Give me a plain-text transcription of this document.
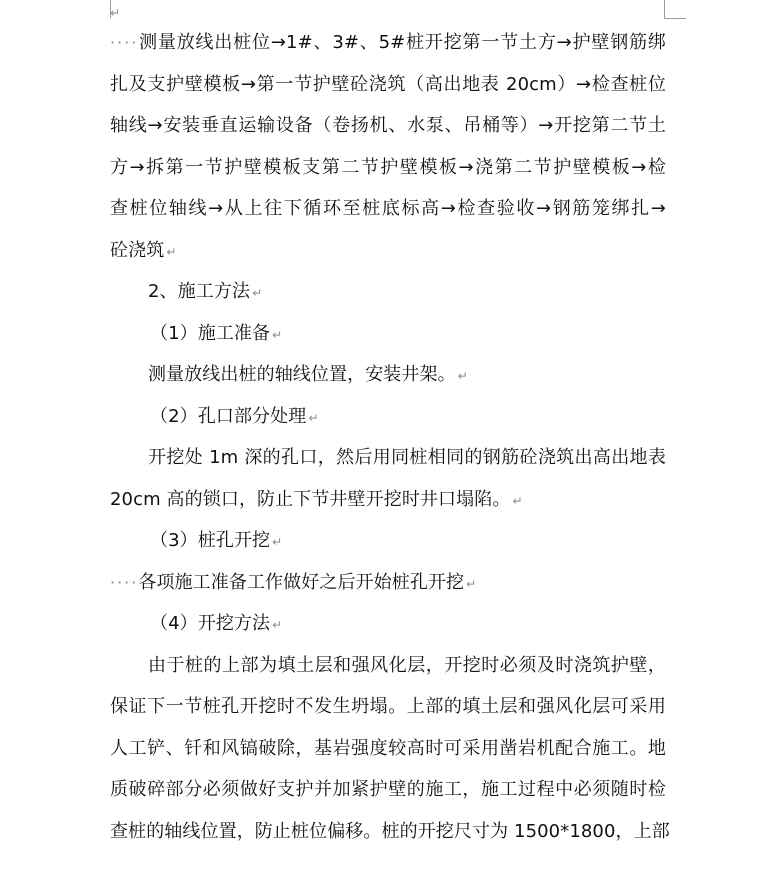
↵
····测量放线出桩位→1#、3#、5#桩开挖第一节土方→护壁钢筋绑
扎及支护壁模板→第一节护壁砼浇筑（高出地表 20cm）→检查桩位
轴线→安装垂直运输设备（卷扬机、水泵、吊桶等）→开挖第二节土
方→拆第一节护壁模板支第二节护壁模板→浇第二节护壁模板→检
查桩位轴线→从上往下循环至桩底标高→检查验收→钢筋笼绑扎→
砼浇筑 ↵
2、施工方法 ↵
（1）施工准备 ↵
测量放线出桩的轴线位置，安装井架。 ↵
（2）孔口部分处理 ↵
开挖处 1m 深的孔口，然后用同桩相同的钢筋砼浇筑出高出地表
20cm 高的锁口，防止下节井壁开挖时井口塌陷。 ↵
（3）桩孔开挖 ↵
····各项施工准备工作做好之后开始桩孔开挖 ↵
（4）开挖方法 ↵
由于桩的上部为填土层和强风化层，开挖时必须及时浇筑护壁，
保证下一节桩孔开挖时不发生坍塌。上部的填土层和强风化层可采用
人工铲、钎和风镐破除，基岩强度较高时可采用凿岩机配合施工。地
质破碎部分必须做好支护并加紧护壁的施工，施工过程中必须随时检
查桩的轴线位置，防止桩位偏移。桩的开挖尺寸为 1500*1800，上部
